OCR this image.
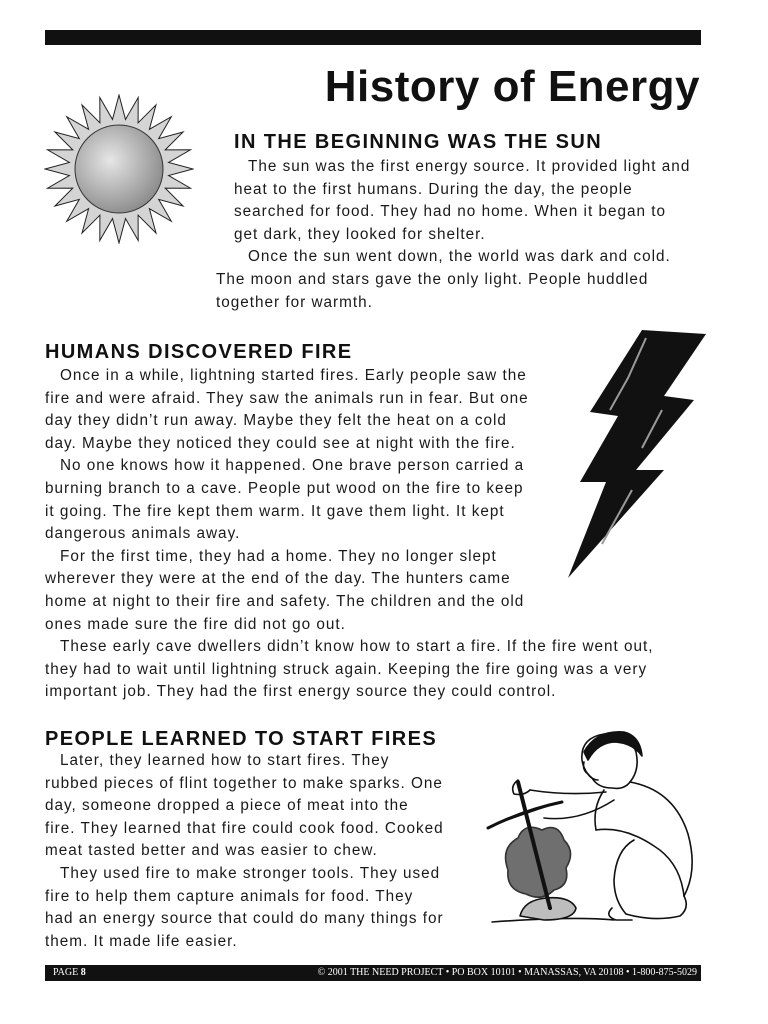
History of Energy
IN THE BEGINNING WAS THE SUN
The sun was the first energy source. It provided light and
heat to the first humans. During the day, the people
searched for food. They had no home. When it began to
get dark, they looked for shelter.
Once the sun went down, the world was dark and cold.
The moon and stars gave the only light. People huddled
together for warmth.
HUMANS DISCOVERED FIRE
Once in a while, lightning started fires. Early people saw the
fire and were afraid. They saw the animals run in fear. But one
day they didn’t run away. Maybe they felt the heat on a cold
day. Maybe they noticed they could see at night with the fire.
No one knows how it happened. One brave person carried a
burning branch to a cave. People put wood on the fire to keep
it going. The fire kept them warm. It gave them light. It kept
dangerous animals away.
For the first time, they had a home. They no longer slept
wherever they were at the end of the day. The hunters came
home at night to their fire and safety. The children and the old
ones made sure the fire did not go out.
These early cave dwellers didn’t know how to start a fire. If the fire went out,
they had to wait until lightning struck again. Keeping the fire going was a very
important job. They had the first energy source they could control.
PEOPLE LEARNED TO START FIRES
Later, they learned how to start fires. They
rubbed pieces of flint together to make sparks. One
day, someone dropped a piece of meat into the
fire. They learned that fire could cook food. Cooked
meat tasted better and was easier to chew.
They used fire to make stronger tools. They used
fire to help them capture animals for food. They
had an energy source that could do many things for
them. It made life easier.
PAGE 8	© 2001 THE NEED PROJECT • PO BOX 10101 • MANASSAS, VA 20108 • 1-800-875-5029
